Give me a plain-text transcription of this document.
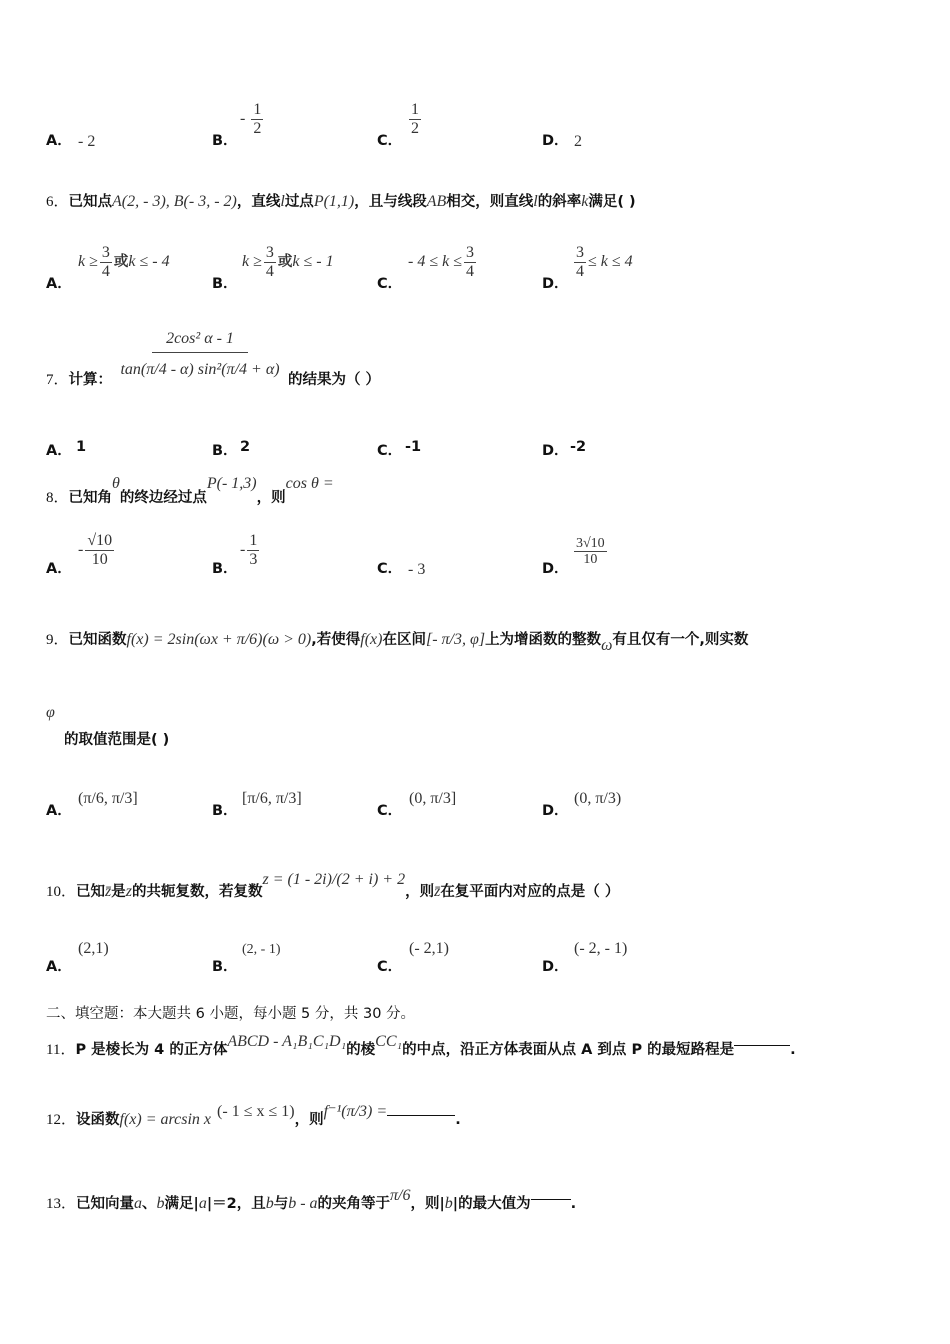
A． - 2	B．
- $\frac{1}{2}$
C．
$\frac{1}{2}$
D． 2
6．已知点A(2, - 3), B(- 3, - 2)，直线l过点P(1,1)，且与线段AB相交，则直线l的斜率k满足( )
A．
$k \ge \frac{3}{4}$ 或k ≤ - 4
B．
$k \ge \frac{3}{4}$ 或k ≤ - 1
C．
- $4 \le k \le \frac{3}{4}$
D．
$\frac{3}{4} \le k \le 4$
7．计算：
$\frac{\text{2cos² α - 1}}{\text{tan(π/4 - α) sin²(π/4 + α)}}$
的结果为（ ）
A． 1	B． 2	C． -1	D． -2
8．已知角θ的终边经过点P(- 1,3)，则cos θ =
A．
- $\frac{√10}{10}$
B．
- $\frac{1}{3}$
C． - 3	D．
$\frac{3√10}{10}$
9．已知函数f(x) = 2sin(ωx + π/6)(ω > 0),若使得f(x)在区间[- π/3, φ]上为增函数的整数ω有且仅有一个,则实数
φ
的取值范围是( )
A．
(π/6, π/3]
B．
[π/6, π/3]
C．
(0, π/3]
D．
(0, π/3)
10．已知z̄是z的共轭复数，若复数z = (1 - 2i)/(2 + i) + 2，则z̄在复平面内对应的点是（ ）
A．
(2,1)
B．
(2, - 1)
C．
(- 2,1)
D．
(- 2, - 1)
二、填空题：本大题共 6 小题，每小题 5 分，共 30 分。
11．P 是棱长为 4 的正方体ABCD - A₁B₁C₁D₁的棱CC₁的中点，沿正方体表面从点 A 到点 P 的最短路程是	.
12．设函数f(x) = arcsin x (- 1 ≤ x ≤ 1)，则f⁻¹(π/3) =	.
13．已知向量a、b满足|a|＝2，且b与b - a的夹角等于π/6，则|b|的最大值为	.
